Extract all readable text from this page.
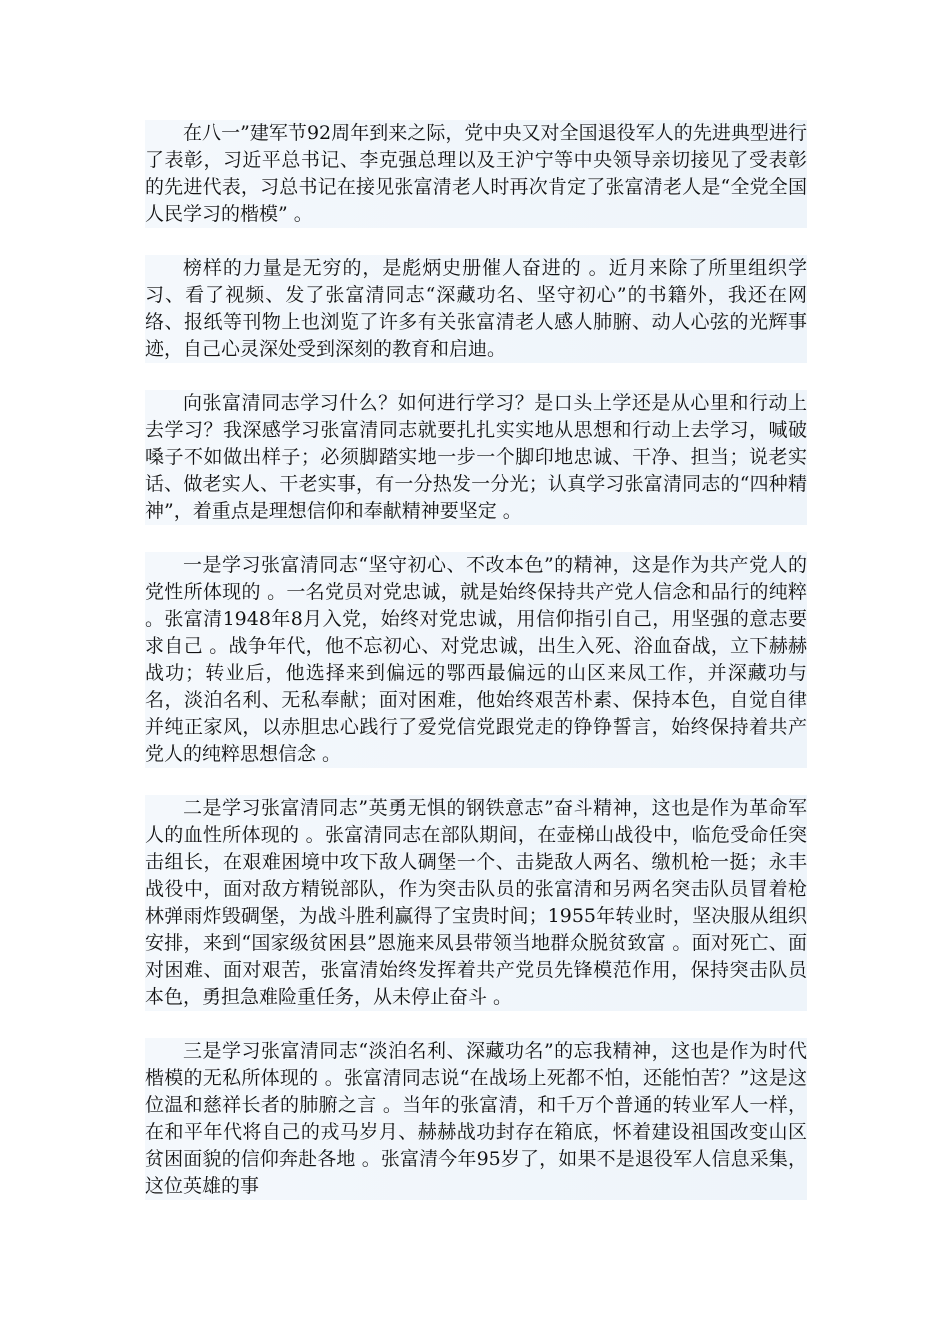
在八一”建军节92周年到来之际，党中央又对全国退役军人的先进典型进行了表彰，习近平总书记、李克强总理以及王沪宁等中央领导亲切接见了受表彰的先进代表，习总书记在接见张富清老人时再次肯定了张富清老人是“全党全国人民学习的楷模” 。

榜样的力量是无穷的，是彪炳史册催人奋进的 。近月来除了所里组织学习、看了视频、发了张富清同志“深藏功名、坚守初心”的书籍外，我还在网络、报纸等刊物上也浏览了许多有关张富清老人感人肺腑、动人心弦的光辉事迹，自己心灵深处受到深刻的教育和启迪。

向张富清同志学习什么？如何进行学习？是口头上学还是从心里和行动上去学习？我深感学习张富清同志就要扎扎实实地从思想和行动上去学习，喊破嗓子不如做出样子；必须脚踏实地一步一个脚印地忠诚、干净、担当；说老实话、做老实人、干老实事，有一分热发一分光；认真学习张富清同志的“四种精神”，着重点是理想信仰和奉献精神要坚定 。

一是学习张富清同志“坚守初心、不改本色”的精神，这是作为共产党人的党性所体现的 。一名党员对党忠诚，就是始终保持共产党人信念和品行的纯粹 。张富清1948年8月入党，始终对党忠诚，用信仰指引自己，用坚强的意志要求自己 。战争年代，他不忘初心、对党忠诚，出生入死、浴血奋战，立下赫赫战功；转业后，他选择来到偏远的鄂西最偏远的山区来凤工作，并深藏功与名，淡泊名利、无私奉献；面对困难，他始终艰苦朴素、保持本色，自觉自律并纯正家风，以赤胆忠心践行了爱党信党跟党走的铮铮誓言，始终保持着共产党人的纯粹思想信念 。

二是学习张富清同志”英勇无惧的钢铁意志”奋斗精神，这也是作为革命军人的血性所体现的 。张富清同志在部队期间，在壶梯山战役中，临危受命任突击组长，在艰难困境中攻下敌人碉堡一个、击毙敌人两名、缴机枪一挺；永丰战役中，面对敌方精锐部队，作为突击队员的张富清和另两名突击队员冒着枪林弹雨炸毁碉堡，为战斗胜利赢得了宝贵时间；1955年转业时，坚决服从组织安排，来到“国家级贫困县”恩施来凤县带领当地群众脱贫致富 。面对死亡、面对困难、面对艰苦，张富清始终发挥着共产党员先锋模范作用，保持突击队员本色，勇担急难险重任务，从未停止奋斗 。

三是学习张富清同志“淡泊名利、深藏功名”的忘我精神，这也是作为时代楷模的无私所体现的 。张富清同志说“在战场上死都不怕，还能怕苦？”这是这位温和慈祥长者的肺腑之言 。当年的张富清，和千万个普通的转业军人一样，在和平年代将自己的戎马岁月、赫赫战功封存在箱底，怀着建设祖国改变山区贫困面貌的信仰奔赴各地 。张富清今年95岁了，如果不是退役军人信息采集，这位英雄的事
